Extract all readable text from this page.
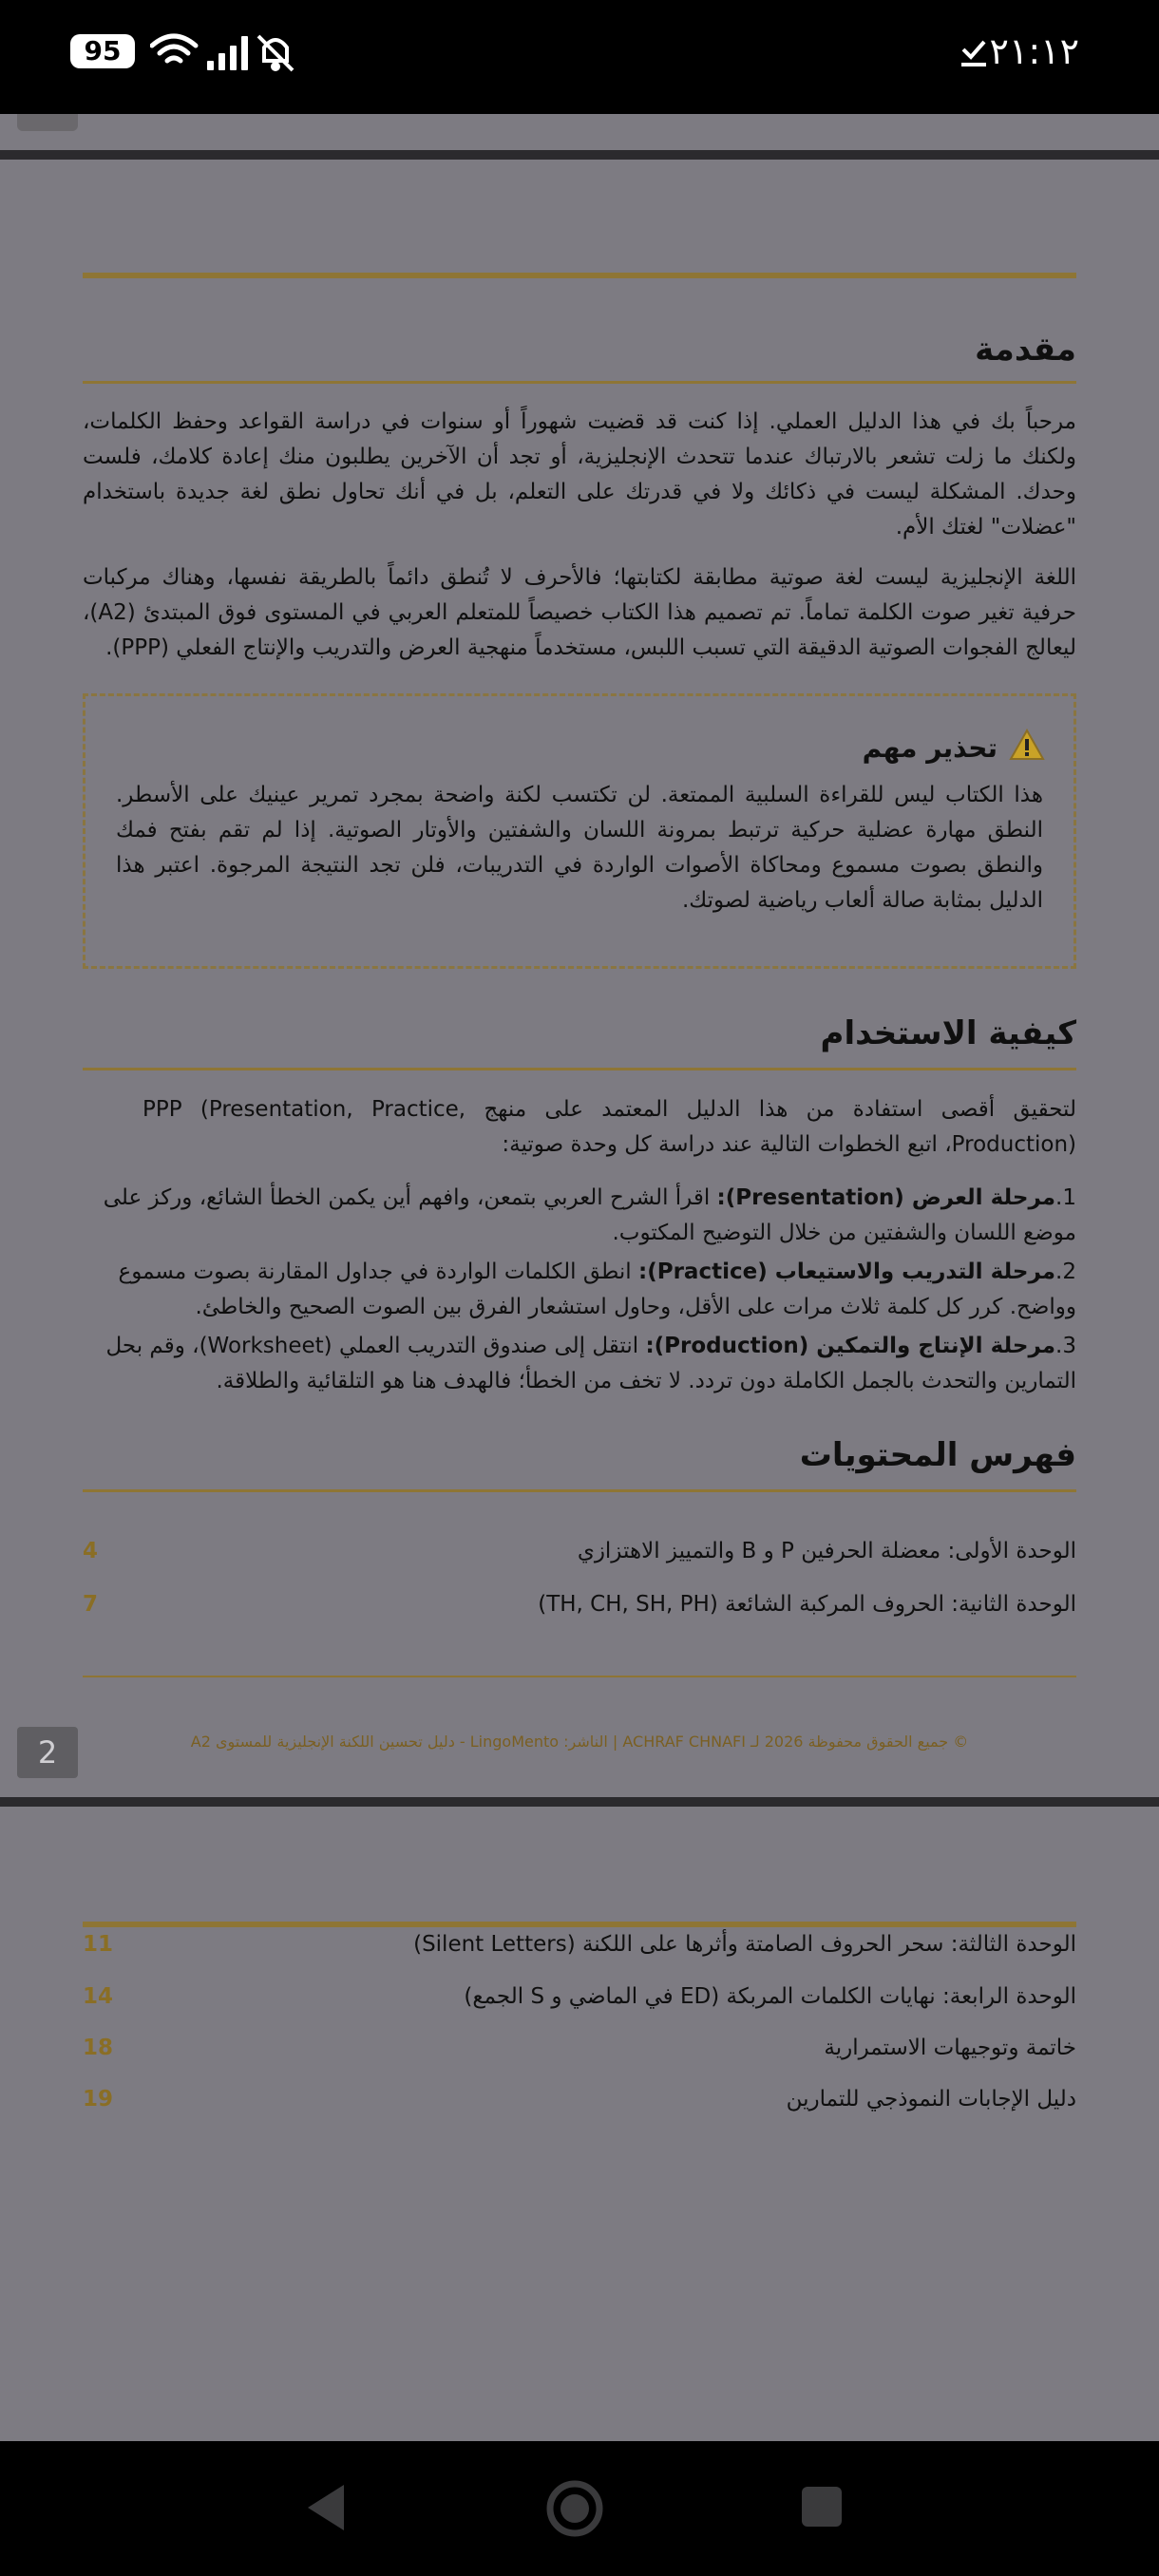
95	٢١:١٢
مقدمة
مرحباً بك في هذا الدليل العملي. إذا كنت قد قضيت شهوراً أو سنوات في دراسة القواعد وحفظ الكلمات، ولكنك ما زلت تشعر بالارتباك عندما تتحدث الإنجليزية، أو تجد أن الآخرين يطلبون منك إعادة كلامك، فلست وحدك. المشكلة ليست في ذكائك ولا في قدرتك على التعلم، بل في أنك تحاول نطق لغة جديدة باستخدام "عضلات" لغتك الأم.
اللغة الإنجليزية ليست لغة صوتية مطابقة لكتابتها؛ فالأحرف لا تُنطق دائماً بالطريقة نفسها، وهناك مركبات حرفية تغير صوت الكلمة تماماً. تم تصميم هذا الكتاب خصيصاً للمتعلم العربي في المستوى فوق المبتدئ (A2)، ليعالج الفجوات الصوتية الدقيقة التي تسبب اللبس، مستخدماً منهجية العرض والتدريب والإنتاج الفعلي (PPP).
تحذير مهم
هذا الكتاب ليس للقراءة السلبية الممتعة. لن تكتسب لكنة واضحة بمجرد تمرير عينيك على الأسطر. النطق مهارة عضلية حركية ترتبط بمرونة اللسان والشفتين والأوتار الصوتية. إذا لم تقم بفتح فمك والنطق بصوت مسموع ومحاكاة الأصوات الواردة في التدريبات، فلن تجد النتيجة المرجوة. اعتبر هذا الدليل بمثابة صالة ألعاب رياضية لصوتك.
كيفية الاستخدام
لتحقيق أقصى استفادة من هذا الدليل المعتمد على منهج PPP (Presentation, Practice, Production)، اتبع الخطوات التالية عند دراسة كل وحدة صوتية:
1.مرحلة العرض (Presentation): اقرأ الشرح العربي بتمعن، وافهم أين يكمن الخطأ الشائع، وركز على موضع اللسان والشفتين من خلال التوضيح المكتوب.
2.مرحلة التدريب والاستيعاب (Practice): انطق الكلمات الواردة في جداول المقارنة بصوت مسموع وواضح. كرر كل كلمة ثلاث مرات على الأقل، وحاول استشعار الفرق بين الصوت الصحيح والخاطئ.
3.مرحلة الإنتاج والتمكين (Production): انتقل إلى صندوق التدريب العملي (Worksheet)، وقم بحل التمارين والتحدث بالجمل الكاملة دون تردد. لا تخف من الخطأ؛ فالهدف هنا هو التلقائية والطلاقة.
فهرس المحتويات
الوحدة الأولى: معضلة الحرفين P و B والتمييز الاهتزازي
4
الوحدة الثانية: الحروف المركبة الشائعة (TH, CH, SH, PH)
7
© جميع الحقوق محفوظة 2026 لـ ACHRAF CHNAFI | الناشر: LingoMento - دليل تحسين اللكنة الإنجليزية للمستوى A2
2
الوحدة الثالثة: سحر الحروف الصامتة وأثرها على اللكنة (Silent Letters)
11
الوحدة الرابعة: نهايات الكلمات المربكة (ED في الماضي و S الجمع)
14
خاتمة وتوجيهات الاستمرارية
18
دليل الإجابات النموذجي للتمارين
19
